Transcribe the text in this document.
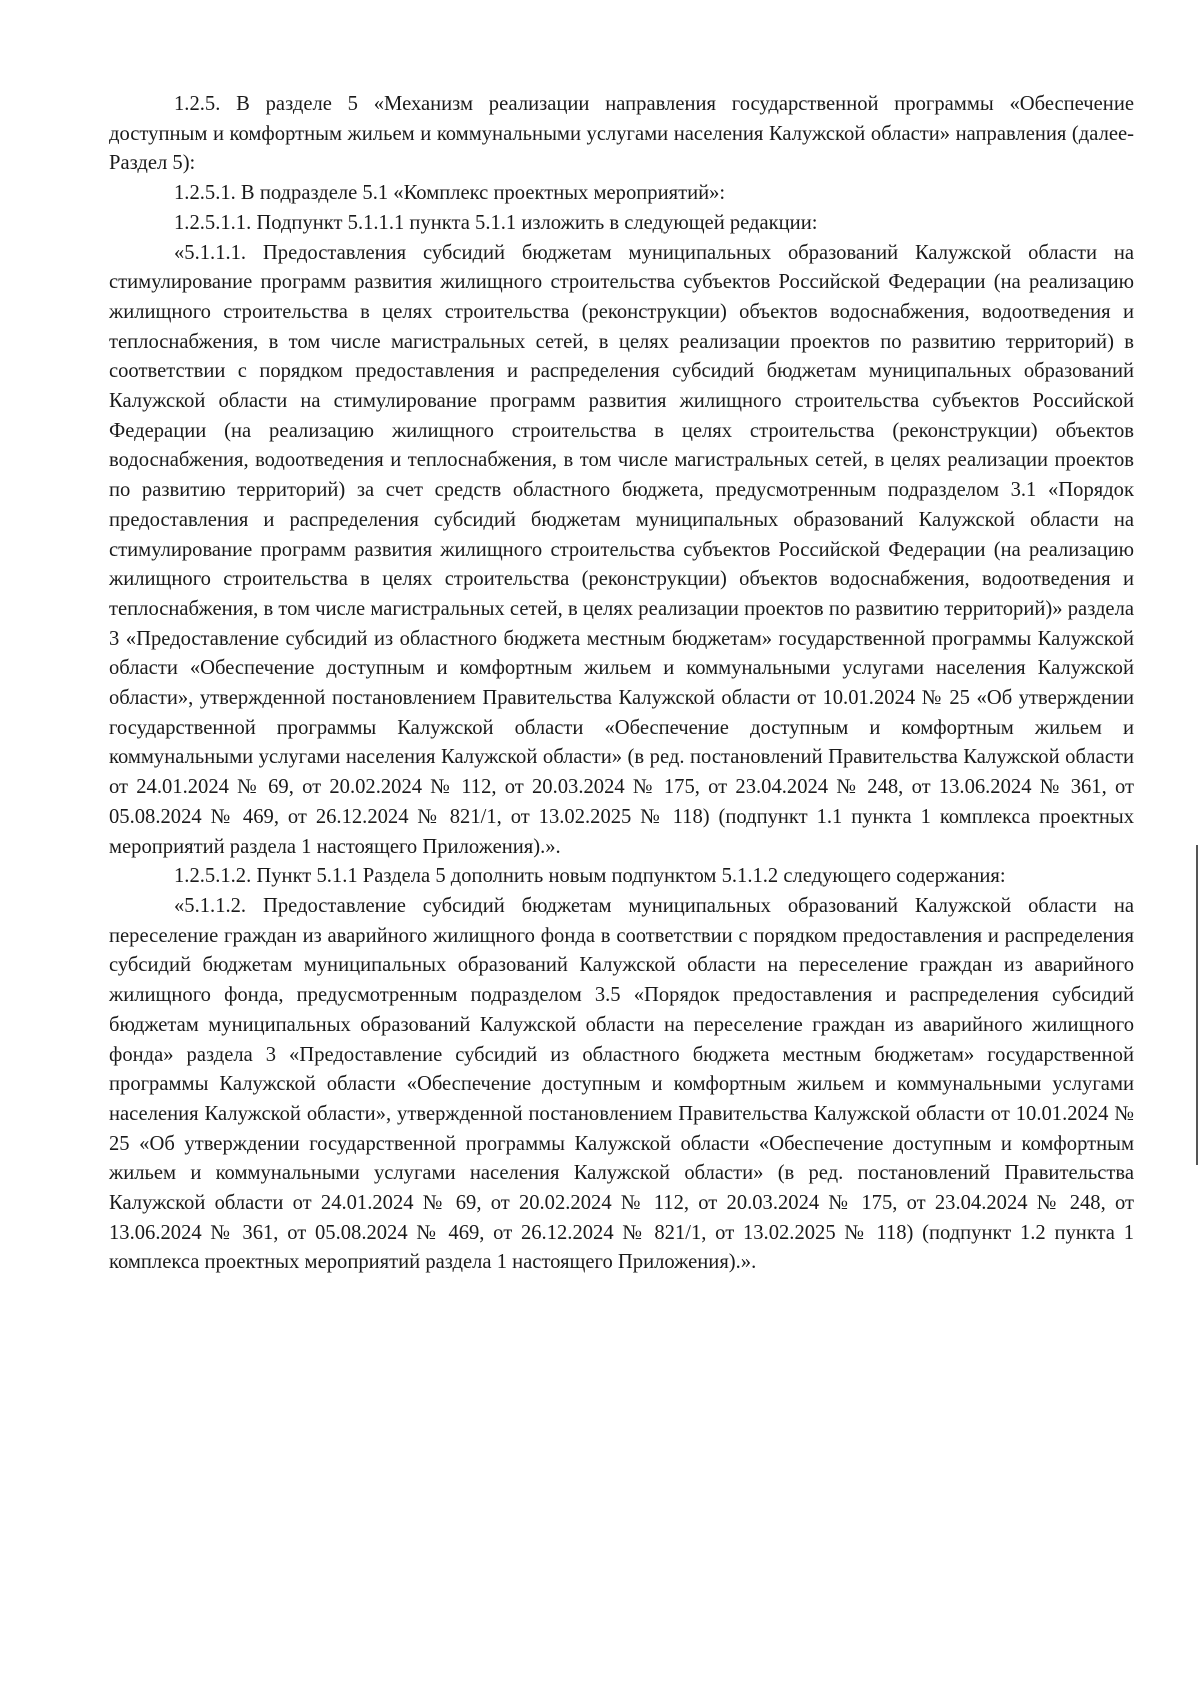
1.2.5. В разделе 5 «Механизм реализации направления государственной программы «Обеспечение доступным и комфортным жильем и коммунальными услугами населения Калужской области» направления (далее-Раздел 5):

1.2.5.1. В подразделе 5.1 «Комплекс проектных мероприятий»:

1.2.5.1.1. Подпункт 5.1.1.1 пункта 5.1.1 изложить в следующей редакции:

«5.1.1.1. Предоставления субсидий бюджетам муниципальных образований Калужской области на стимулирование программ развития жилищного строительства субъектов Российской Федерации (на реализацию жилищного строительства в целях строительства (реконструкции) объектов водоснабжения, водоотведения и теплоснабжения, в том числе магистральных сетей, в целях реализации проектов по развитию территорий) в соответствии с порядком предоставления и распределения субсидий бюджетам муниципальных образований Калужской области на стимулирование программ развития жилищного строительства субъектов Российской Федерации (на реализацию жилищного строительства в целях строительства (реконструкции) объектов водоснабжения, водоотведения и теплоснабжения, в том числе магистральных сетей, в целях реализации проектов по развитию территорий) за счет средств областного бюджета, предусмотренным подразделом 3.1 «Порядок предоставления и распределения субсидий бюджетам муниципальных образований Калужской области на стимулирование программ развития жилищного строительства субъектов Российской Федерации (на реализацию жилищного строительства в целях строительства (реконструкции) объектов водоснабжения, водоотведения и теплоснабжения, в том числе магистральных сетей, в целях реализации проектов по развитию территорий)» раздела 3 «Предоставление субсидий из областного бюджета местным бюджетам» государственной программы Калужской области «Обеспечение доступным и комфортным жильем и коммунальными услугами населения Калужской области», утвержденной постановлением Правительства Калужской области от 10.01.2024 № 25 «Об утверждении государственной программы Калужской области «Обеспечение доступным и комфортным жильем и коммунальными услугами населения Калужской области» (в ред. постановлений Правительства Калужской области от 24.01.2024 № 69, от 20.02.2024 № 112, от 20.03.2024 № 175, от 23.04.2024 № 248, от 13.06.2024 № 361, от 05.08.2024 № 469, от 26.12.2024 № 821/1, от 13.02.2025 № 118) (подпункт 1.1 пункта 1 комплекса проектных мероприятий раздела 1 настоящего Приложения).».

1.2.5.1.2. Пункт 5.1.1 Раздела 5 дополнить новым подпунктом 5.1.1.2 следующего содержания:

«5.1.1.2. Предоставление субсидий бюджетам муниципальных образований Калужской области на переселение граждан из аварийного жилищного фонда в соответствии с порядком предоставления и распределения субсидий бюджетам муниципальных образований Калужской области на переселение граждан из аварийного жилищного фонда, предусмотренным подразделом 3.5 «Порядок предоставления и распределения субсидий бюджетам муниципальных образований Калужской области на переселение граждан из аварийного жилищного фонда» раздела 3 «Предоставление субсидий из областного бюджета местным бюджетам» государственной программы Калужской области «Обеспечение доступным и комфортным жильем и коммунальными услугами населения Калужской области», утвержденной постановлением Правительства Калужской области от 10.01.2024 № 25 «Об утверждении государственной программы Калужской области «Обеспечение доступным и комфортным жильем и коммунальными услугами населения Калужской области» (в ред. постановлений Правительства Калужской области от 24.01.2024 № 69, от 20.02.2024 № 112, от 20.03.2024 № 175, от 23.04.2024 № 248, от 13.06.2024 № 361, от 05.08.2024 № 469, от 26.12.2024 № 821/1, от 13.02.2025 № 118) (подпункт 1.2 пункта 1 комплекса проектных мероприятий раздела 1 настоящего Приложения).».
